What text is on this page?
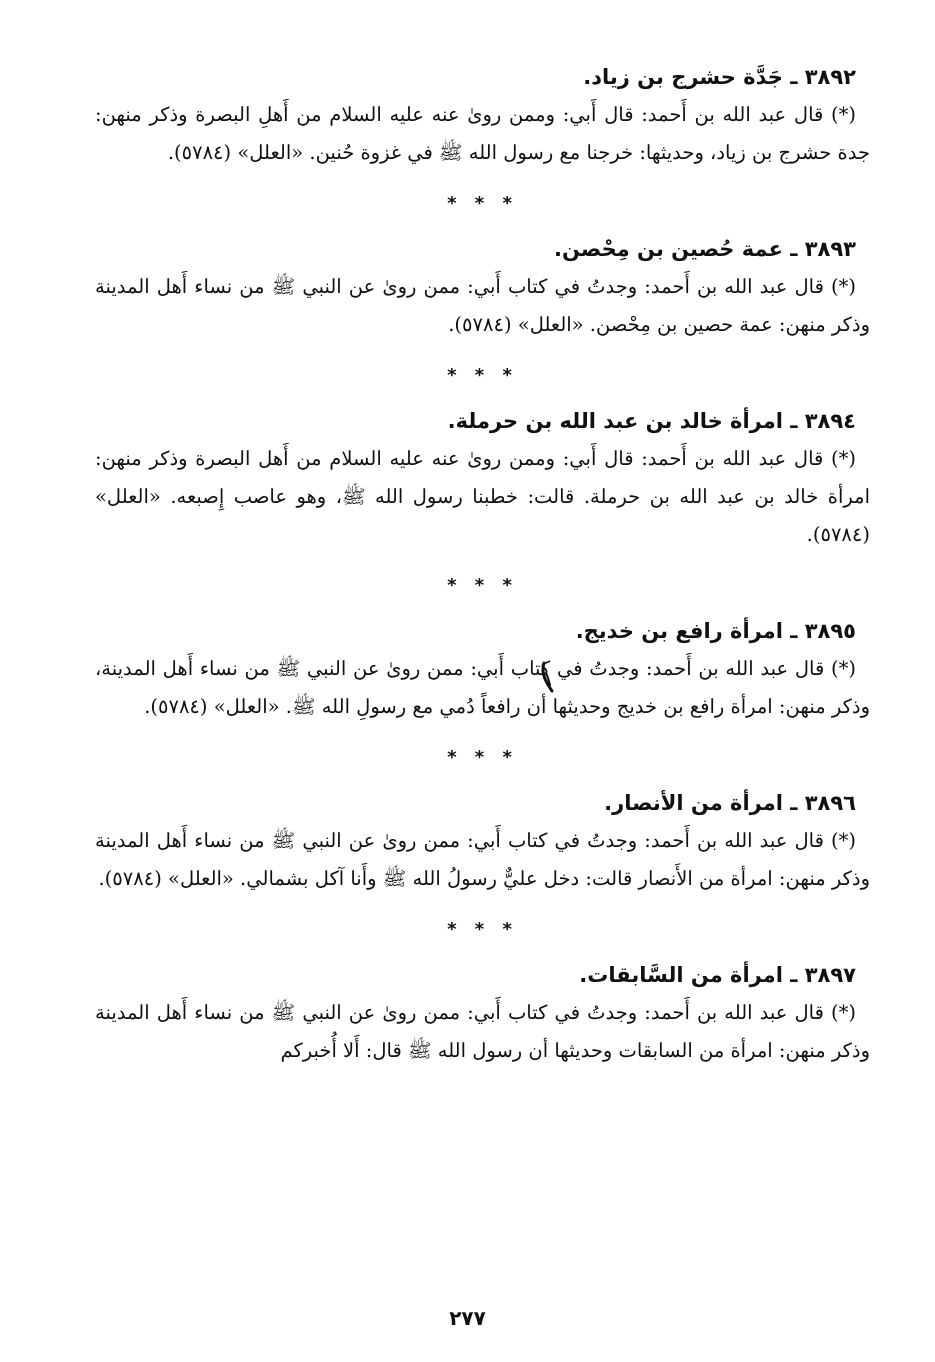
٣٨٩٢ ـ جَدَّة حشرج بن زياد.

(*) قال عبد الله بن أَحمد: قال أَبي: وممن روىٰ عنه عليه السلام من أَهلِ البصرة وذكر منهن: جدة حشرج بن زياد، وحديثها: خرجنا مع رسول الله ﷺ في غزوة حُنين. «العلل» (٥٧٨٤).

* * *
٣٨٩٣ ـ عمة حُصين بن مِحْصن.

(*) قال عبد الله بن أَحمد: وجدتُ في كتاب أَبي: ممن روىٰ عن النبي ﷺ من نساء أَهل المدينة وذكر منهن: عمة حصين بن مِحْصن. «العلل» (٥٧٨٤).

* * *
٣٨٩٤ ـ امرأة خالد بن عبد الله بن حرملة.

(*) قال عبد الله بن أَحمد: قال أَبي: وممن روىٰ عنه عليه السلام من أَهل البصرة وذكر منهن: امرأة خالد بن عبد الله بن حرملة. قالت: خطبنا رسول الله ﷺ، وهو عاصب إِصبعه. «العلل» (٥٧٨٤).

* * *
٣٨٩٥ ـ امرأة رافع بن خديج.

(*) قال عبد الله بن أَحمد: وجدتُ في كتاب أَبي: ممن روىٰ عن النبي ﷺ من نساء أَهل المدينة، وذكر منهن: امرأة رافع بن خديج وحديثها أن رافعاً دُمي مع رسولِ الله ﷺ. «العلل» (٥٧٨٤).

* * *
٣٨٩٦ ـ امرأة من الأنصار.

(*) قال عبد الله بن أَحمد: وجدتُ في كتاب أَبي: ممن روىٰ عن النبي ﷺ من نساء أَهل المدينة وذكر منهن: امرأة من الأَنصار قالت: دخل عليٌّ رسولُ الله ﷺ وأَنا آكل بشمالي. «العلل» (٥٧٨٤).

* * *
٣٨٩٧ ـ امرأة من السَّابقات.

(*) قال عبد الله بن أَحمد: وجدتُ في كتاب أَبي: ممن روىٰ عن النبي ﷺ من نساء أَهل المدينة وذكر منهن: امرأة من السابقات وحديثها أن رسول الله ﷺ قال: أَلا أُخبركم

٢٧٧
